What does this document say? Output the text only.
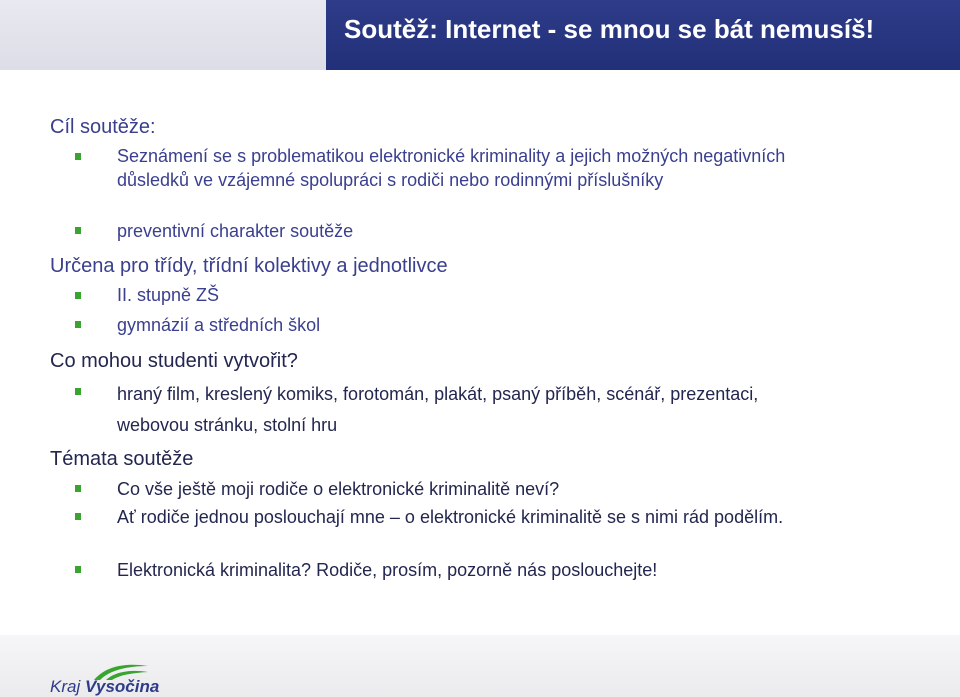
Soutěž: Internet - se mnou se bát nemusíš!
Cíl soutěže:
Seznámení se s problematikou elektronické kriminality a jejich možných negativních důsledků ve vzájemné spolupráci s rodiči nebo rodinnými příslušníky
preventivní charakter soutěže
Určena pro třídy, třídní kolektivy a jednotlivce
II. stupně ZŠ
gymnázií a středních škol
Co mohou studenti vytvořit?
hraný film, kreslený komiks, forotomán, plakát, psaný příběh, scénář, prezentaci, webovou stránku, stolní hru
Témata soutěže
Co vše ještě moji rodiče o elektronické kriminalitě neví?
Ať rodiče jednou poslouchají mne – o elektronické kriminalitě se s nimi rád podělím.
Elektronická kriminalita? Rodiče, prosím, pozorně nás poslouchejte!
Kraj Vysočina
